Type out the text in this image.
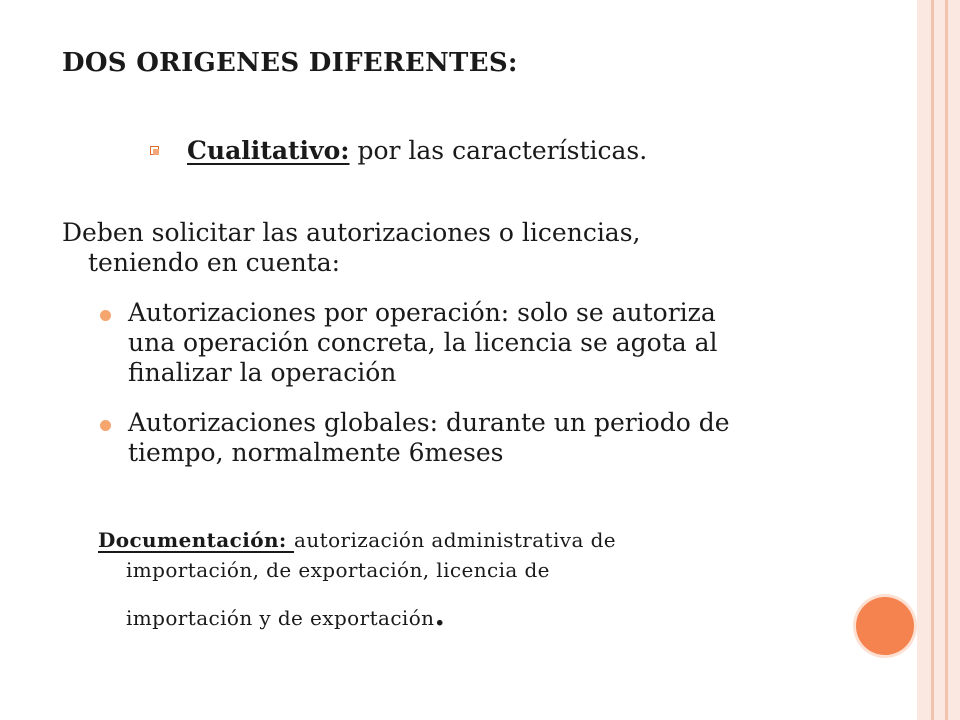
DOS ORIGENES DIFERENTES:
Cualitativo: por las características.
Deben solicitar las autorizaciones o licencias,
teniendo en cuenta:
Autorizaciones por operación: solo se autoriza
una operación concreta, la licencia se agota al
finalizar la operación
Autorizaciones globales: durante un periodo de
tiempo, normalmente 6meses
Documentación: autorización administrativa de
importación, de exportación, licencia de
importación y de exportación.
